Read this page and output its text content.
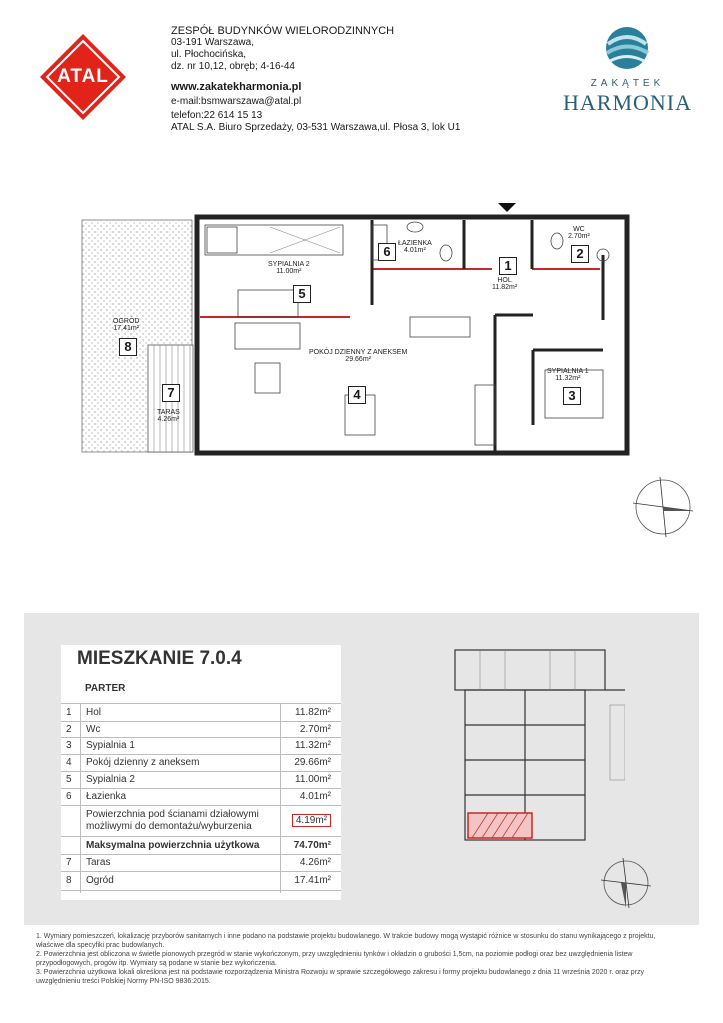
ATAL
ZESPÓŁ BUDYNKÓW WIELORODZINNYCH
03-191 Warszawa,
ul. Płochocińska,
dz. nr 10,12, obręb; 4-16-44
www.zakatekharmonia.pl
e-mail:bsmwarszawa@atal.pl
telefon:22 614 15 13
ATAL S.A. Biuro Sprzedaży, 03-531 Warszawa,ul. Płosa 3, lok U1
ZAKĄTEK
HARMONIA
SYPIALNIA 2
11.00m²
5
ŁAZIENKA
4.01m²
6
1
HOL
11.82m²
WC
2.70m²
2
SYPIALNIA 1
11.32m²
3
POKÓJ DZIENNY Z ANEKSEM
29.66m²
4
OGRÓD
17.41m²
8
7
TARAS
4.26m²
MIESZKANIE 7.0.4
PARTER
1 Hol	11.82m²
2 Wc	2.70m²
3 Sypialnia 1	11.32m²
4 Pokój dzienny z aneksem	29.66m²
5 Sypialnia 2	11.00m²
6 Łazienka	4.01m²
Powierzchnia pod ścianami działowymi
możliwymi do demontażu/wyburzenia
4.19m²
Maksymalna powierzchnia użytkowa	74.70m²
7 Taras	4.26m²
8 Ogród	17.41m²
1. Wymiary pomieszczeń, lokalizację przyborów sanitarnych i inne podano na podstawie projektu budowlanego. W trakcie budowy mogą wystąpić różnice w stosunku do stanu wynikającego z projektu,
właściwe dla specyfiki prac budowlanych.
2. Powierzchnia jest obliczona w świetle pionowych przegród w stanie wykończonym, przy uwzględnieniu tynków i okładzin o grubości 1,5cm, na poziomie podłogi oraz bez uwzględnienia listew
przypodłogowych, progów itp. Wymiary są podane w stanie bez wykończenia.
3. Powierzchnia użytkowa lokali określona jest na podstawie rozporządzenia Ministra Rozwoju w sprawie szczegółowego zakresu i formy projektu budowlanego z dnia 11 września 2020 r. oraz przy
uwzględnieniu treści Polskiej Normy PN-ISO 9836:2015.
